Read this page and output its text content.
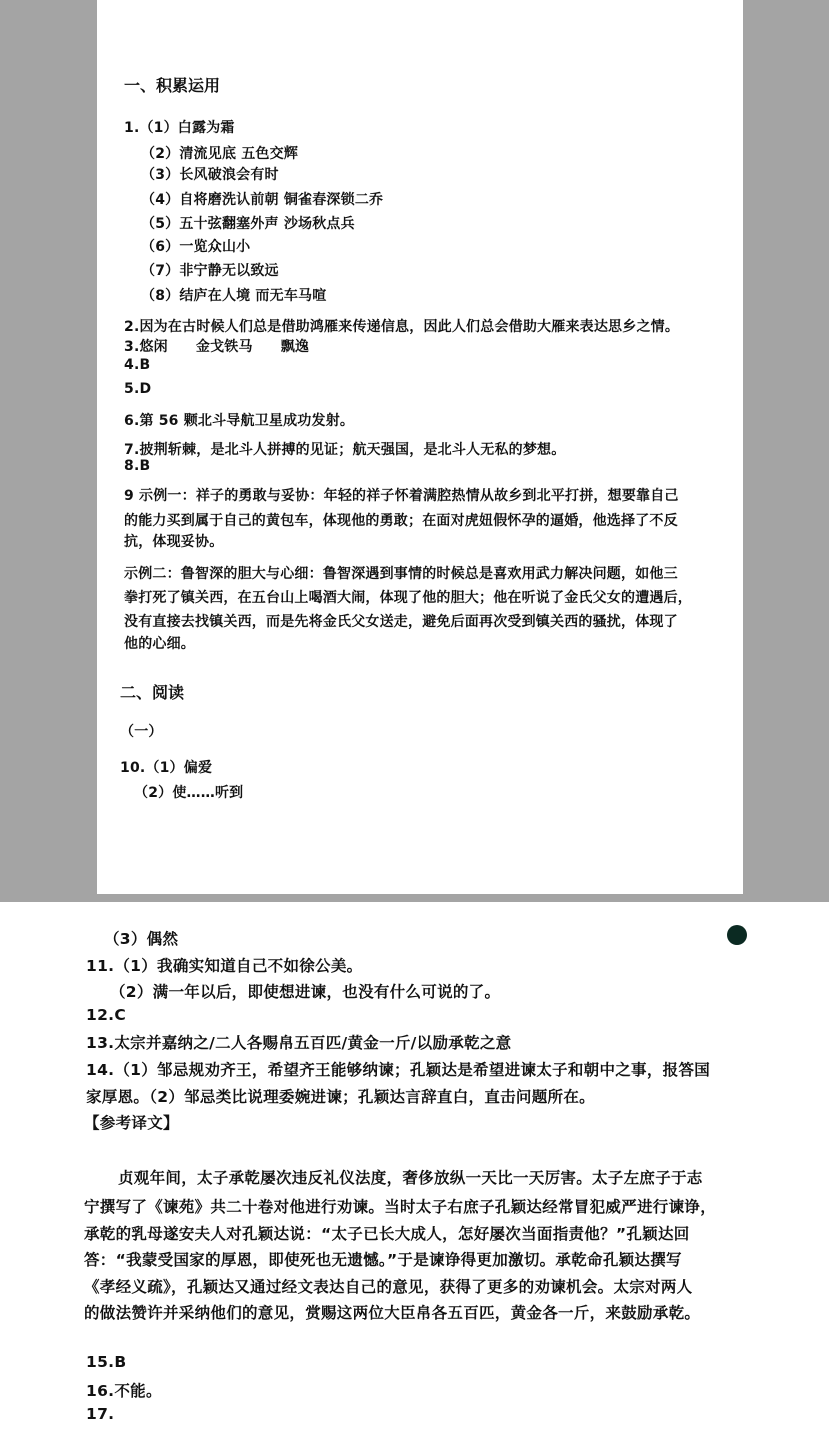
一、积累运用
1.（1）白露为霜
（2）清流见底 五色交辉
（3）长风破浪会有时
（4）自将磨洗认前朝 铜雀春深锁二乔
（5）五十弦翻塞外声 沙场秋点兵
（6）一览众山小
（7）非宁静无以致远
（8）结庐在人境 而无车马喧
2.因为在古时候人们总是借助鸿雁来传递信息，因此人们总会借助大雁来表达思乡之情。
3.悠闲 金戈铁马 飘逸
4.B
5.D
6.第 56 颗北斗导航卫星成功发射。
7.披荆斩棘，是北斗人拼搏的见证；航天强国，是北斗人无私的梦想。
8.B
9 示例一：祥子的勇敢与妥协：年轻的祥子怀着满腔热情从故乡到北平打拼，想要靠自己
的能力买到属于自己的黄包车，体现他的勇敢；在面对虎妞假怀孕的逼婚，他选择了不反
抗，体现妥协。
示例二：鲁智深的胆大与心细：鲁智深遇到事情的时候总是喜欢用武力解决问题，如他三
拳打死了镇关西，在五台山上喝酒大闹，体现了他的胆大；他在听说了金氏父女的遭遇后，
没有直接去找镇关西，而是先将金氏父女送走，避免后面再次受到镇关西的骚扰，体现了
他的心细。
二、阅读
（一）
10.（1）偏爱
（2）使……听到
（3）偶然
11.（1）我确实知道自己不如徐公美。
（2）满一年以后，即使想进谏，也没有什么可说的了。
12.C
13.太宗并嘉纳之/二人各赐帛五百匹/黄金一斤/以励承乾之意
14.（1）邹忌规劝齐王，希望齐王能够纳谏；孔颖达是希望进谏太子和朝中之事，报答国
家厚恩。（2）邹忌类比说理委婉进谏；孔颖达言辞直白，直击问题所在。
【参考译文】
贞观年间，太子承乾屡次违反礼仪法度，奢侈放纵一天比一天厉害。太子左庶子于志
宁撰写了《谏苑》共二十卷对他进行劝谏。当时太子右庶子孔颖达经常冒犯威严进行谏诤，
承乾的乳母遂安夫人对孔颖达说：“太子已长大成人，怎好屡次当面指责他？”孔颖达回
答：“我蒙受国家的厚恩，即使死也无遗憾。”于是谏诤得更加激切。承乾命孔颖达撰写
《孝经义疏》，孔颖达又通过经文表达自己的意见，获得了更多的劝谏机会。太宗对两人
的做法赞许并采纳他们的意见，赏赐这两位大臣帛各五百匹，黄金各一斤，来鼓励承乾。
15.B
16.不能。
17.
